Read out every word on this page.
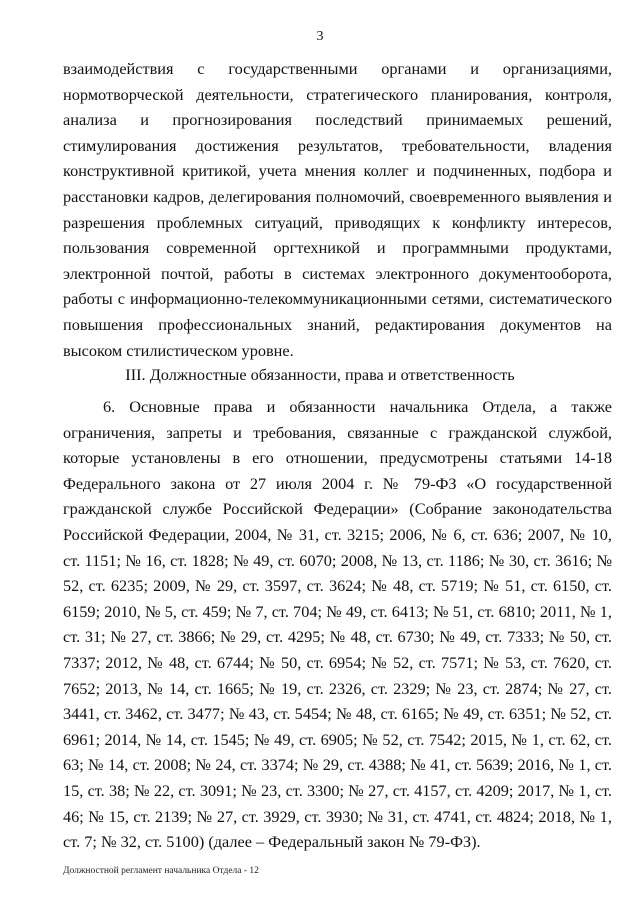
3

взаимодействия с государственными органами и организациями, нормотворческой деятельности, стратегического планирования, контроля, анализа и прогнозирования последствий принимаемых решений, стимулирования достижения результатов, требовательности, владения конструктивной критикой, учета мнения коллег и подчиненных, подбора и расстановки кадров, делегирования полномочий, своевременного выявления и разрешения проблемных ситуаций, приводящих к конфликту интересов, пользования современной оргтехникой и программными продуктами, электронной почтой, работы в системах электронного документооборота, работы с информационно-телекоммуникационными сетями, систематического повышения профессиональных знаний, редактирования документов на высоком стилистическом уровне.

III. Должностные обязанности, права и ответственность

6. Основные права и обязанности начальника Отдела, а также ограничения, запреты и требования, связанные с гражданской службой, которые установлены в его отношении, предусмотрены статьями 14-18 Федерального закона от 27 июля 2004 г. № 79-ФЗ «О государственной гражданской службе Российской Федерации» (Собрание законодательства Российской Федерации, 2004, № 31, ст. 3215; 2006, № 6, ст. 636; 2007, № 10, ст. 1151; № 16, ст. 1828; № 49, ст. 6070; 2008, № 13, ст. 1186; № 30, ст. 3616; № 52, ст. 6235; 2009, № 29, ст. 3597, ст. 3624; № 48, ст. 5719; № 51, ст. 6150, ст. 6159; 2010, № 5, ст. 459; № 7, ст. 704; № 49, ст. 6413; № 51, ст. 6810; 2011, № 1, ст. 31; № 27, ст. 3866; № 29, ст. 4295; № 48, ст. 6730; № 49, ст. 7333; № 50, ст. 7337; 2012, № 48, ст. 6744; № 50, ст. 6954; № 52, ст. 7571; № 53, ст. 7620, ст. 7652; 2013, № 14, ст. 1665; № 19, ст. 2326, ст. 2329; № 23, ст. 2874; № 27, ст. 3441, ст. 3462, ст. 3477; № 43, ст. 5454; № 48, ст. 6165; № 49, ст. 6351; № 52, ст. 6961; 2014, № 14, ст. 1545; № 49, ст. 6905; № 52, ст. 7542; 2015, № 1, ст. 62, ст. 63; № 14, ст. 2008; № 24, ст. 3374; № 29, ст. 4388; № 41, ст. 5639; 2016, № 1, ст. 15, ст. 38; № 22, ст. 3091; № 23, ст. 3300; № 27, ст. 4157, ст. 4209; 2017, № 1, ст. 46; № 15, ст. 2139; № 27, ст. 3929, ст. 3930; № 31, ст. 4741, ст. 4824; 2018, № 1, ст. 7; № 32, ст. 5100) (далее – Федеральный закон № 79-ФЗ).

Должностной регламент начальника Отдела - 12
